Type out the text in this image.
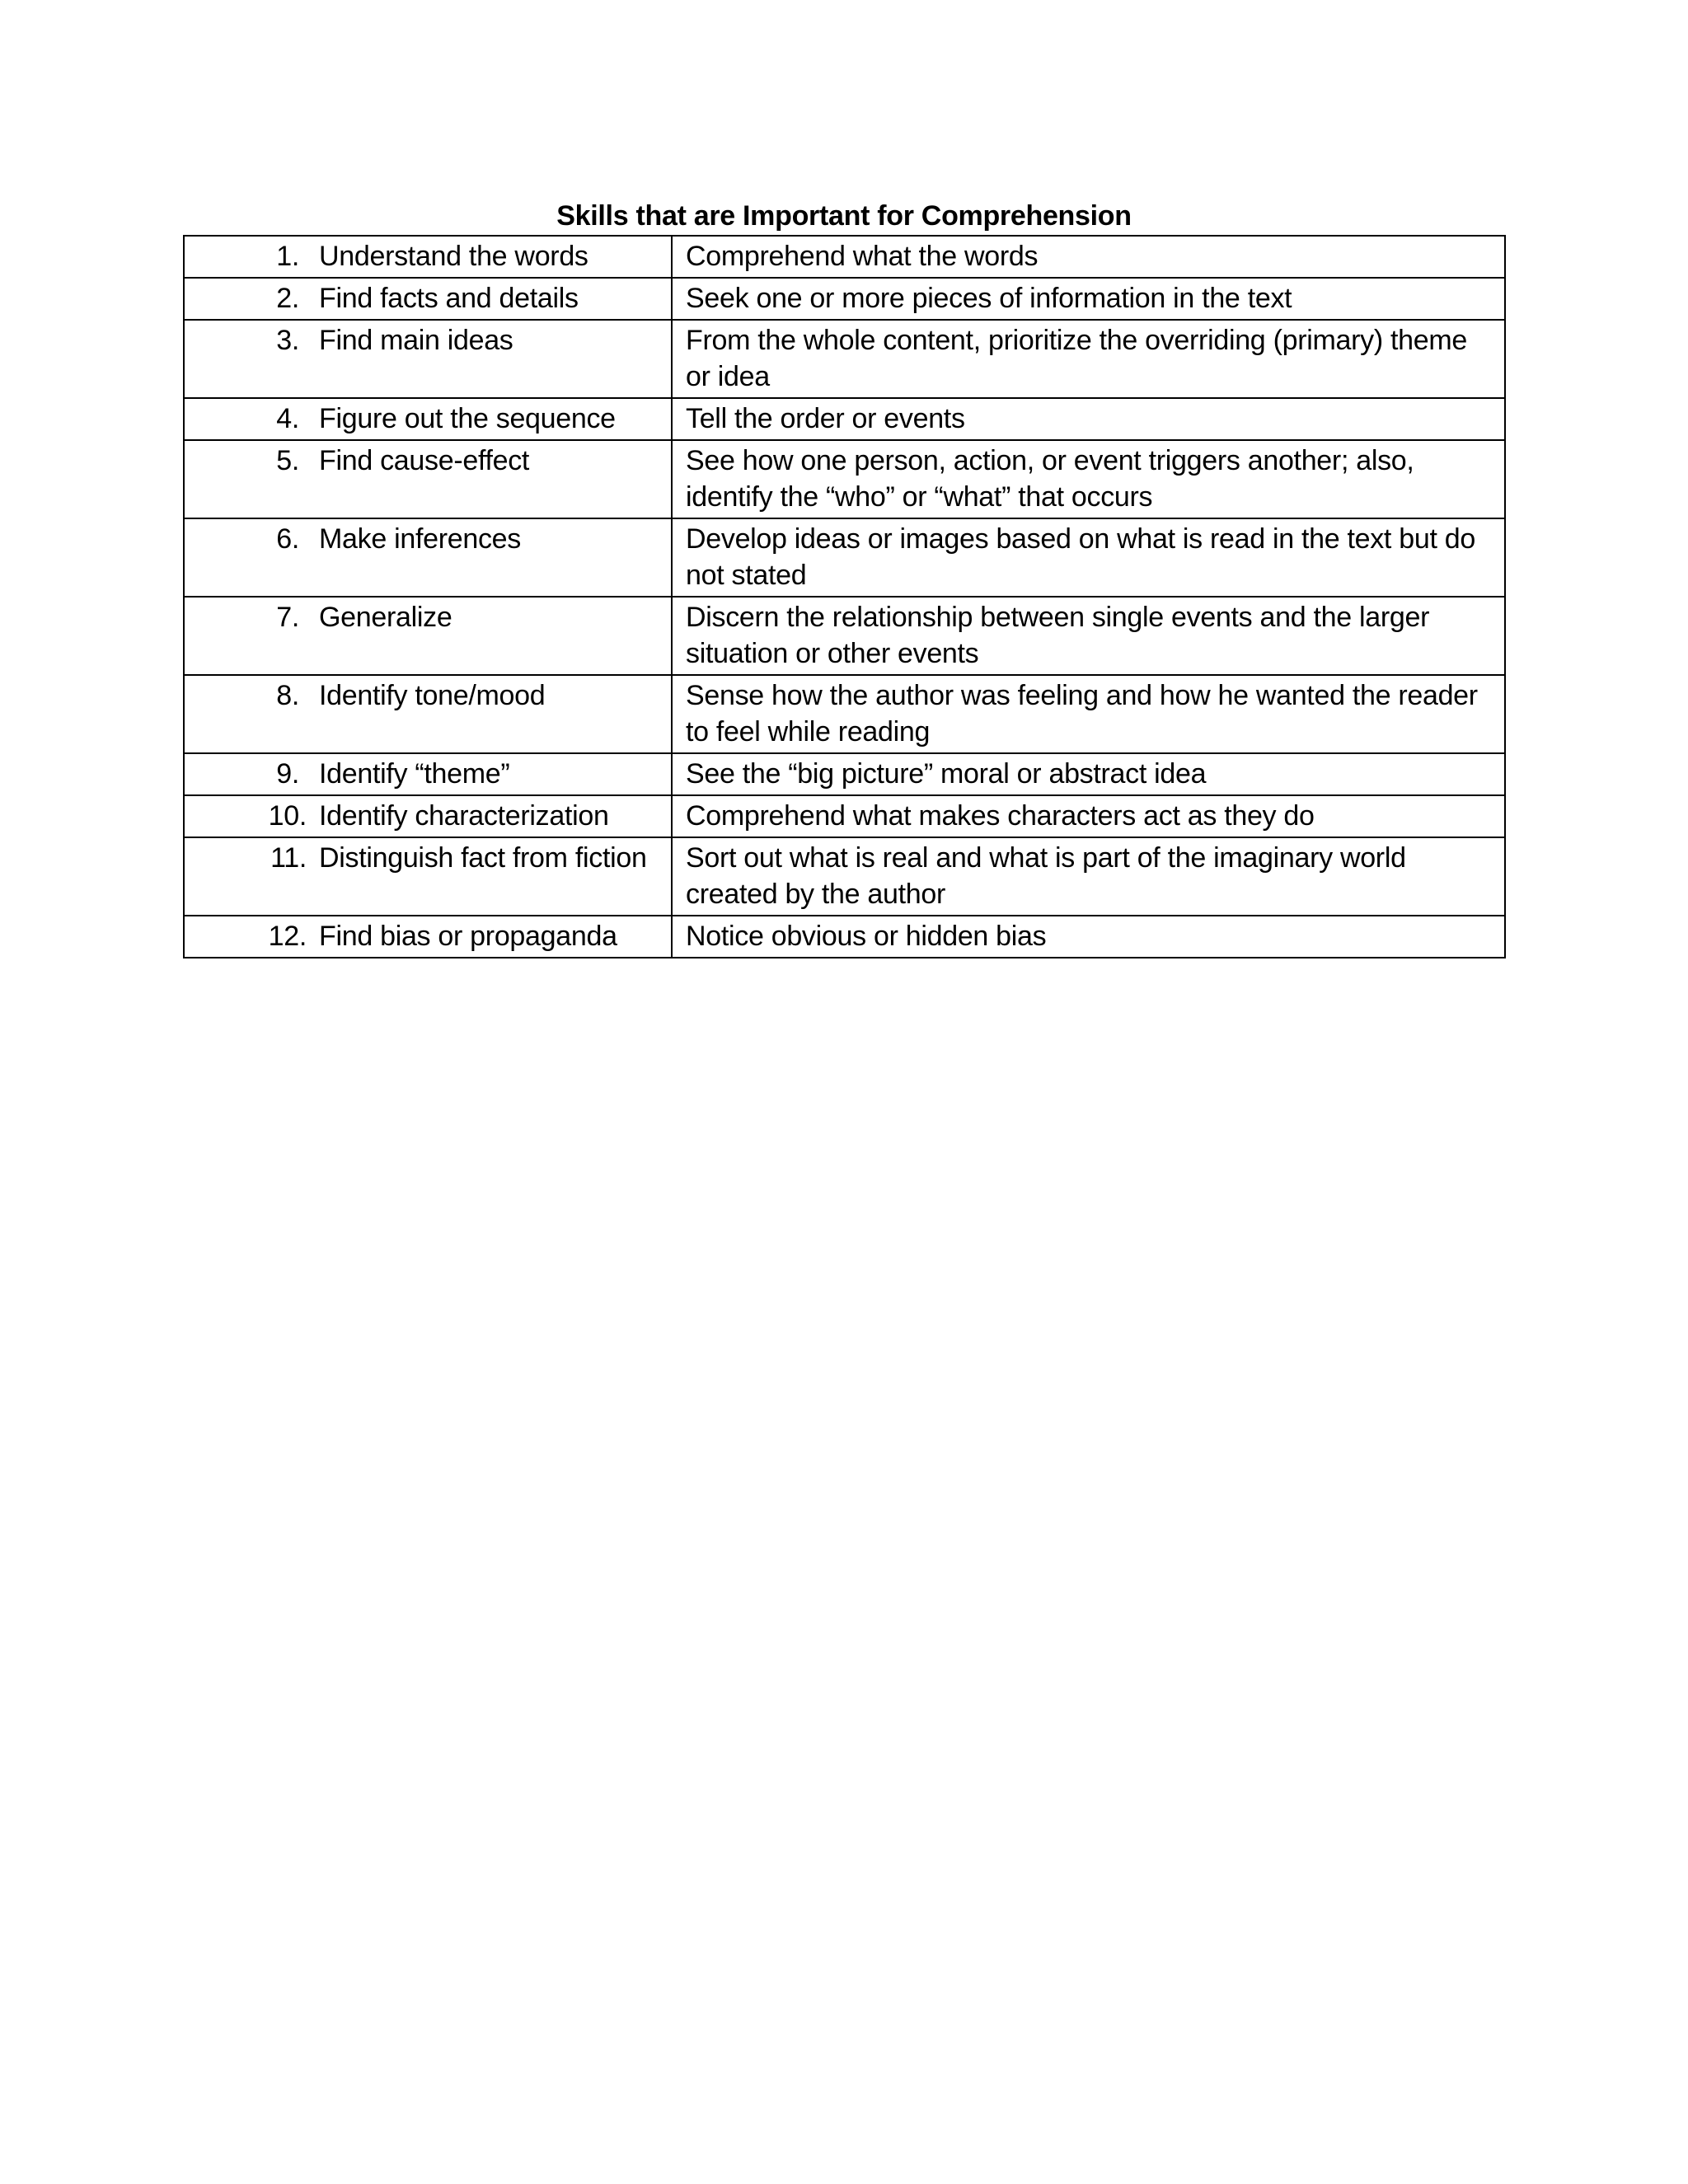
Skills that are Important for Comprehension
1. Understand the words	Comprehend what the words
2. Find facts and details	Seek one or more pieces of information in the text
3. Find main ideas	From the whole content, prioritize the overriding (primary) theme or idea
4. Figure out the sequence	Tell the order or events
5. Find cause-effect	See how one person, action, or event triggers another; also, identify the “who” or “what” that occurs
6. Make inferences	Develop ideas or images based on what is read in the text but do not stated
7. Generalize	Discern the relationship between single events and the larger situation or other events
8. Identify tone/mood	Sense how the author was feeling and how he wanted the reader to feel while reading
9. Identify “theme”	See the “big picture” moral or abstract idea
10. Identify characterization	Comprehend what makes characters act as they do
11. Distinguish fact from fiction	Sort out what is real and what is part of the imaginary world created by the author
12. Find bias or propaganda	Notice obvious or hidden bias
